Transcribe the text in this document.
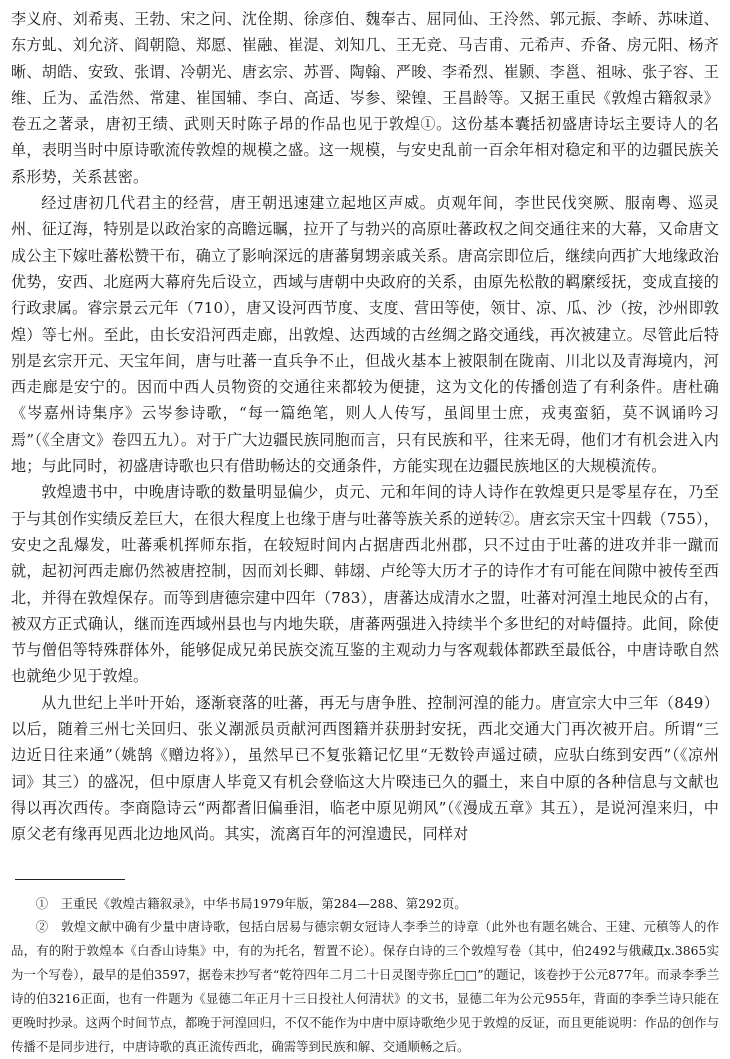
李义府、刘希夷、王勃、宋之问、沈佺期、徐彦伯、魏奉古、屈同仙、王泠然、郭元振、李峤、苏味道、东方虬、刘允济、阎朝隐、郑愿、崔融、崔湜、刘知几、王无竞、马吉甫、元希声、乔备、房元阳、杨齐晰、胡皓、安致、张谓、冷朝光、唐玄宗、苏晋、陶翰、严晙、李希烈、崔颢、李邕、祖咏、张子容、王维、丘为、孟浩然、常建、崔国辅、李白、高适、岑参、梁锽、王昌龄等。又据王重民《敦煌古籍叙录》卷五之著录，唐初王绩、武则天时陈子昂的作品也见于敦煌①。这份基本囊括初盛唐诗坛主要诗人的名单，表明当时中原诗歌流传敦煌的规模之盛。这一规模，与安史乱前一百余年相对稳定和平的边疆民族关系形势，关系甚密。

经过唐初几代君主的经营，唐王朝迅速建立起地区声威。贞观年间，李世民伐突厥、服南粤、巡灵州、征辽海，特别是以政治家的高瞻远瞩，拉开了与勃兴的高原吐蕃政权之间交通往来的大幕，又命唐文成公主下嫁吐蕃松赞干布，确立了影响深远的唐蕃舅甥亲戚关系。唐高宗即位后，继续向西扩大地缘政治优势，安西、北庭两大幕府先后设立，西域与唐朝中央政府的关系，由原先松散的羁縻绥抚，变成直接的行政隶属。睿宗景云元年（710），唐又设河西节度、支度、营田等使，领甘、凉、瓜、沙（按，沙州即敦煌）等七州。至此，由长安沿河西走廊，出敦煌、达西域的古丝绸之路交通线，再次被建立。尽管此后特别是玄宗开元、天宝年间，唐与吐蕃一直兵争不止，但战火基本上被限制在陇南、川北以及青海境内，河西走廊是安宁的。因而中西人员物资的交通往来都较为便捷，这为文化的传播创造了有利条件。唐杜确《岑嘉州诗集序》云岑参诗歌，“每一篇绝笔，则人人传写，虽闾里士庶，戎夷蛮貊，莫不讽诵吟习焉”（《全唐文》卷四五九）。对于广大边疆民族同胞而言，只有民族和平，往来无碍，他们才有机会进入内地；与此同时，初盛唐诗歌也只有借助畅达的交通条件，方能实现在边疆民族地区的大规模流传。

敦煌遗书中，中晚唐诗歌的数量明显偏少，贞元、元和年间的诗人诗作在敦煌更只是零星存在，乃至于与其创作实绩反差巨大，在很大程度上也缘于唐与吐蕃等族关系的逆转②。唐玄宗天宝十四载（755），安史之乱爆发，吐蕃乘机挥师东指，在较短时间内占据唐西北州郡，只不过由于吐蕃的进攻并非一蹴而就，起初河西走廊仍然被唐控制，因而刘长卿、韩翃、卢纶等大历才子的诗作才有可能在间隙中被传至西北，并得在敦煌保存。而等到唐德宗建中四年（783），唐蕃达成清水之盟，吐蕃对河湟土地民众的占有，被双方正式确认，继而连西域州县也与内地失联，唐蕃两强进入持续半个多世纪的对峙僵持。此间，除使节与僧侣等特殊群体外，能够促成兄弟民族交流互鉴的主观动力与客观载体都跌至最低谷，中唐诗歌自然也就绝少见于敦煌。

从九世纪上半叶开始，逐渐衰落的吐蕃，再无与唐争胜、控制河湟的能力。唐宣宗大中三年（849）以后，随着三州七关回归、张义潮派员贡献河西图籍并获册封安抚，西北交通大门再次被开启。所谓“三边近日往来通”（姚鹄《赠边将》），虽然早已不复张籍记忆里“无数铃声遥过碛，应驮白练到安西”（《凉州词》其三）的盛况，但中原唐人毕竟又有机会登临这大片暌违已久的疆土，来自中原的各种信息与文献也得以再次西传。李商隐诗云“两都耆旧偏垂泪，临老中原见朔风”（《漫成五章》其五），是说河湟来归，中原父老有缘再见西北边地风尚。其实，流离百年的河湟遗民，同样对

①　王重民《敦煌古籍叙录》，中华书局1979年版，第284—288、第292页。

②　敦煌文献中确有少量中唐诗歌，包括白居易与德宗朝女冠诗人李季兰的诗章（此外也有题名姚合、王建、元稹等人的作品，有的附于敦煌本《白香山诗集》中，有的为托名，暂置不论）。保存白诗的三个敦煌写卷（其中，伯2492与俄藏Дx.3865实为一个写卷），最早的是伯3597，据卷末抄写者“乾符四年二月二十日灵图寺弥丘□□”的题记，该卷抄于公元877年。而录李季兰诗的伯3216正面，也有一件题为《显德二年正月十三日投社人何清状》的文书，显德二年为公元955年，背面的李季兰诗只能在更晚时抄录。这两个时间节点，都晚于河湟回归，不仅不能作为中唐中原诗歌绝少见于敦煌的反证，而且更能说明：作品的创作与传播不是同步进行，中唐诗歌的真正流传西北，确需等到民族和解、交通顺畅之后。
